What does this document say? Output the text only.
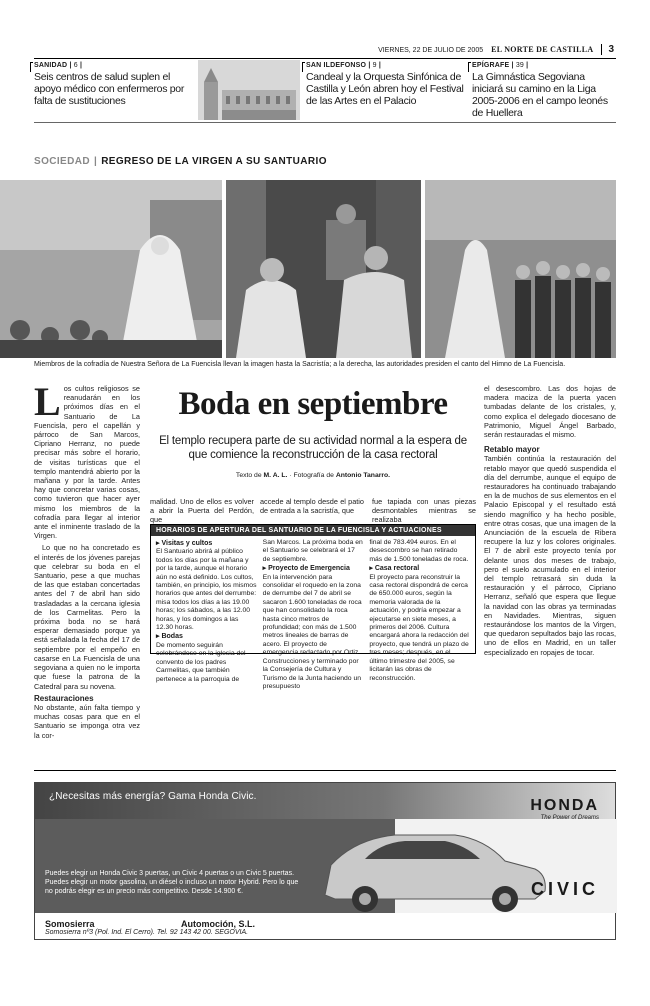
VIERNES, 22 DE JULIO DE 2005 EL NORTE DE CASTILLA 3
SANIDAD | 6 |
Seis centros de salud suplen el apoyo médico con enfermeros por falta de sustituciones
SAN ILDEFONSO | 9 |
Candeal y la Orquesta Sinfónica de Castilla y León abren hoy el Festival de las Artes en el Palacio
EPÍGRAFE | 39 |
La Gimnástica Segoviana iniciará su camino en la Liga 2005-2006 en el campo leonés de Huellera
SOCIEDAD | REGRESO DE LA VIRGEN A SU SANTUARIO
Miembros de la cofradía de Nuestra Señora de La Fuencisla llevan la imagen hasta la Sacristía; a la derecha, las autoridades presiden el canto del Himno de La Fuencisla.
Los cultos religiosos se reanudarán en los próximos días en el Santuario de La Fuencisla, pero el capellán y párroco de San Marcos, Cipriano Herranz, no puede precisar más sobre el horario, de visitas turísticas que el templo mantendrá abierto por la mañana y por la tarde. Antes hay que concretar varias cosas, como tuvieron que hacer ayer mismo los miembros de la cofradía para llegar al interior ante el inminente traslado de la Virgen.

Lo que no ha concretado es el interés de los jóvenes parejas que celebrar su boda en el Santuario, pese a que muchas de las que estaban concertadas antes del 7 de abril han sido trasladadas a la cercana iglesia de los Carmelitas. Pero la próxima boda no se hará esperar demasiado porque ya está señalada la fecha del 17 de septiembre por el empeño en casarse en La Fuencisla de una segoviana a quien no le importa que fuese la patrona de la Catedral para su novena.

Restauraciones

No obstante, aún falta tiempo y muchas cosas para que en el Santuario se imponga otra vez la cor-

Boda en septiembre
El templo recupera parte de su actividad normal a la espera de que comience la reconstrucción de la casa rectoral
Texto de M. A. L. · Fotografía de Antonio Tanarro.
malidad. Uno de ellos es volver a abrir la Puerta del Perdón, que
accede al templo desde el patio de entrada a la sacristía, que
fue tapiada con unas piezas desmontables mientras se realizaba
HORARIOS DE APERTURA DEL SANTUARIO DE LA FUENCISLA Y ACTUACIONES
▸ Visitas y cultos

El Santuario abrirá al público todos los días por la mañana y por la tarde, aunque el horario aún no está definido. Los cultos, también, en principio, los mismos horarios que antes del derrumbe: misa todos los días a las 19.00 horas; los sábados, a las 12.00 horas, y los domingos a las 12.30 horas.

▸ Bodas

De momento seguirán celebrándose en la iglesia del convento de los padres Carmelitas, que también pertenece a la parroquia de

San Marcos. La próxima boda en el Santuario se celebrará el 17 de septiembre.

▸ Proyecto de Emergencia

En la intervención para consolidar el roquedo en la zona de derrumbe del 7 de abril se sacaron 1.600 toneladas de roca que han consolidado la roca hasta cinco metros de profundidad; con más de 1.500 metros lineales de barras de acero. El proyecto de emergencia redactado por Ortiz Construcciones y terminado por la Consejería de Cultura y Turismo de la Junta haciendo un presupuesto

final de 783.494 euros. En el desescombro se han retirado más de 1.500 toneladas de roca.

▸ Casa rectoral

El proyecto para reconstruir la casa rectoral dispondrá de cerca de 650.000 euros, según la memoria valorada de la actuación, y podría empezar a ejecutarse en siete meses, a primeros del 2006. Cultura encargará ahora la redacción del proyecto, que tendrá un plazo de tres meses; después, en el último trimestre del 2005, se licitarán las obras de reconstrucción.

el desescombro. Las dos hojas de madera maciza de la puerta yacen tumbadas delante de los cristales, y, como explica el delegado diocesano de Patrimonio, Miguel Ángel Barbado, serán restauradas el mismo.

Retablo mayor

También continúa la restauración del retablo mayor que quedó suspendida el día del derrumbe, aunque el equipo de restauradores ha continuado trabajando en la de muchos de sus elementos en el Palacio Episcopal y el resultado está siendo magnífico y ha hecho posible, entre otras cosas, que una imagen de la Anunciación de la escuela de Ribera recupere la luz y los colores originales. El 7 de abril este proyecto tenía por delante unos dos meses de trabajo, pero el suelo acumulado en el interior del templo retrasará sin duda la restauración y el párroco, Cipriano Herranz, señaló que espera que llegue la navidad con las obras ya terminadas en Navidades. Mientras, siguen restaurándose los mantos de la Virgen, que quedaron sepultados bajo las rocas, uno de ellos en Madrid, en un taller especializado en ropajes de tocar.

¿Necesitas más energía? Gama Honda Civic.
HONDA
The Power of Dreams
CIVIC
Puedes elegir un Honda Civic 3 puertas, un Civic 4 puertas o un Civic 5 puertas. Puedes elegir un motor gasolina, un diésel o incluso un motor Hybrid. Pero lo que no podrás elegir es un precio más competitivo. Desde 14.900 €.
Somosierra	Automoción, S.L.
Somosierra nº3 (Pol. Ind. El Cerro). Tel. 92 143 42 00. SEGOVIA.
